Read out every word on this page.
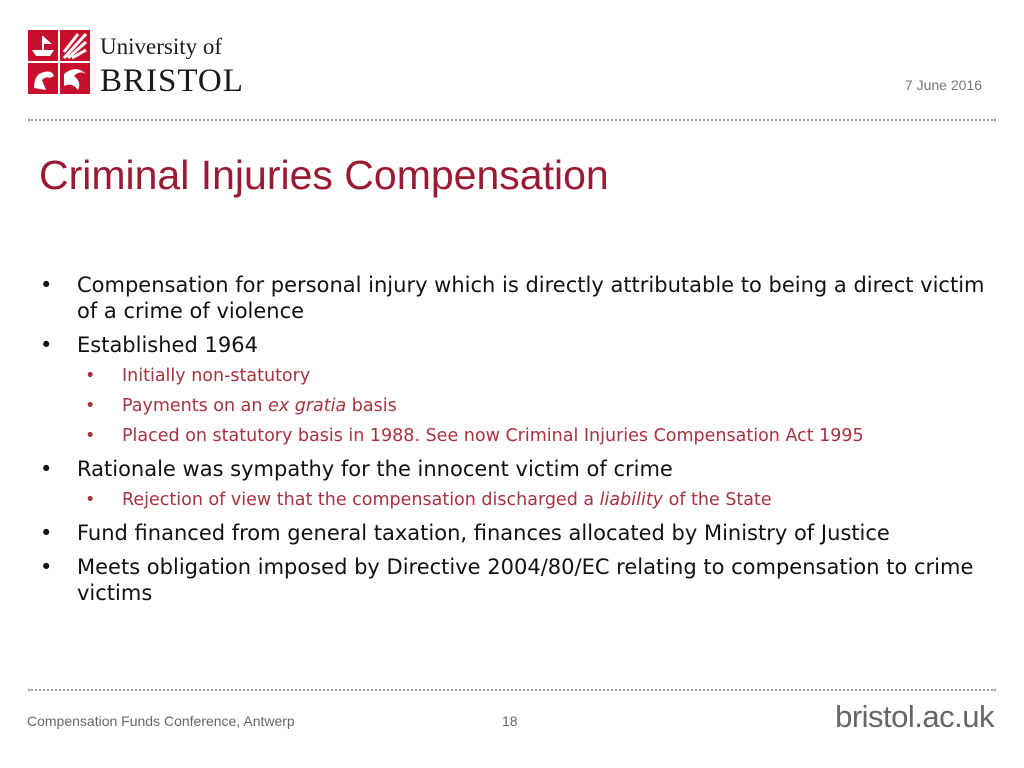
University of
BRISTOL	7 June 2016
Criminal Injuries Compensation
• Compensation for personal injury which is directly attributable to being a direct victim of a crime of violence
• Established 1964
• Initially non-statutory
• Payments on an ex gratia basis
• Placed on statutory basis in 1988. See now Criminal Injuries Compensation Act 1995
• Rationale was sympathy for the innocent victim of crime
• Rejection of view that the compensation discharged a liability of the State
• Fund financed from general taxation, finances allocated by Ministry of Justice
• Meets obligation imposed by Directive 2004/80/EC relating to compensation to crime victims
Compensation Funds Conference, Antwerp	18	bristol.ac.uk
